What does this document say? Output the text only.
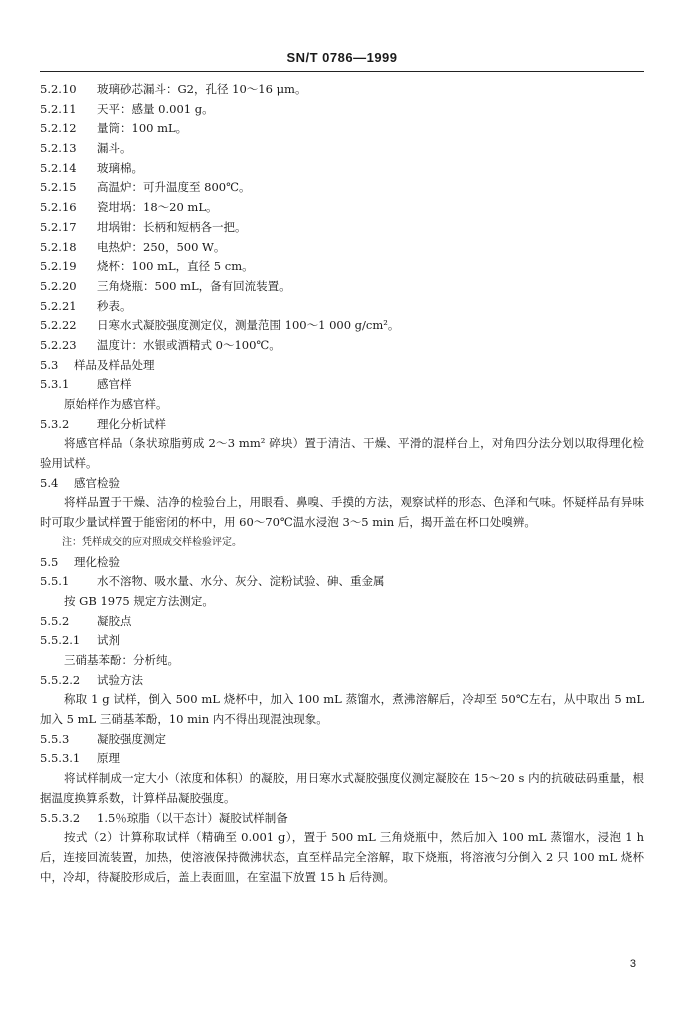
SN/T 0786—1999
5.2.10 玻璃砂芯漏斗：G2，孔径 10～16 μm。
5.2.11 天平：感量 0.001 g。
5.2.12 量筒：100 mL。
5.2.13 漏斗。
5.2.14 玻璃棉。
5.2.15 高温炉：可升温度至 800℃。
5.2.16 瓷坩埚：18～20 mL。
5.2.17 坩埚钳：长柄和短柄各一把。
5.2.18 电热炉：250，500 W。
5.2.19 烧杯：100 mL，直径 5 cm。
5.2.20 三角烧瓶：500 mL，备有回流装置。
5.2.21 秒表。
5.2.22 日寒水式凝胶强度测定仪，测量范围 100～1 000 g/cm²。
5.2.23 温度计：水银或酒精式 0～100℃。
5.3 样品及样品处理
5.3.1 感官样
原始样作为感官样。
5.3.2 理化分析试样
将感官样品（条状琼脂剪成 2～3 mm² 碎块）置于清洁、干燥、平滑的混样台上，对角四分法分划以取得理化检验用试样。
5.4 感官检验
将样品置于干燥、洁净的检验台上，用眼看、鼻嗅、手摸的方法，观察试样的形态、色泽和气味。怀疑样品有异味时可取少量试样置于能密闭的杯中，用 60～70℃温水浸泡 3～5 min 后，揭开盖在杯口处嗅辨。
注：凭样成交的应对照成交样检验评定。
5.5 理化检验
5.5.1 水不溶物、吸水量、水分、灰分、淀粉试验、砷、重金属
按 GB 1975 规定方法测定。
5.5.2 凝胶点
5.5.2.1 试剂
三硝基苯酚：分析纯。
5.5.2.2 试验方法
称取 1 g 试样，倒入 500 mL 烧杯中，加入 100 mL 蒸馏水，煮沸溶解后，冷却至 50℃左右，从中取出 5 mL 加入 5 mL 三硝基苯酚，10 min 内不得出现混浊现象。
5.5.3 凝胶强度测定
5.5.3.1 原理
将试样制成一定大小（浓度和体积）的凝胶，用日寒水式凝胶强度仪测定凝胶在 15～20 s 内的抗破砝码重量，根据温度换算系数，计算样品凝胶强度。
5.5.3.2 1.5％琼脂（以干态计）凝胶试样制备
按式（2）计算称取试样（精确至 0.001 g），置于 500 mL 三角烧瓶中，然后加入 100 mL 蒸馏水，浸泡 1 h 后，连接回流装置，加热，使溶液保持微沸状态，直至样品完全溶解，取下烧瓶，将溶液匀分倒入 2 只 100 mL 烧杯中，冷却，待凝胶形成后，盖上表面皿，在室温下放置 15 h 后待测。
3
